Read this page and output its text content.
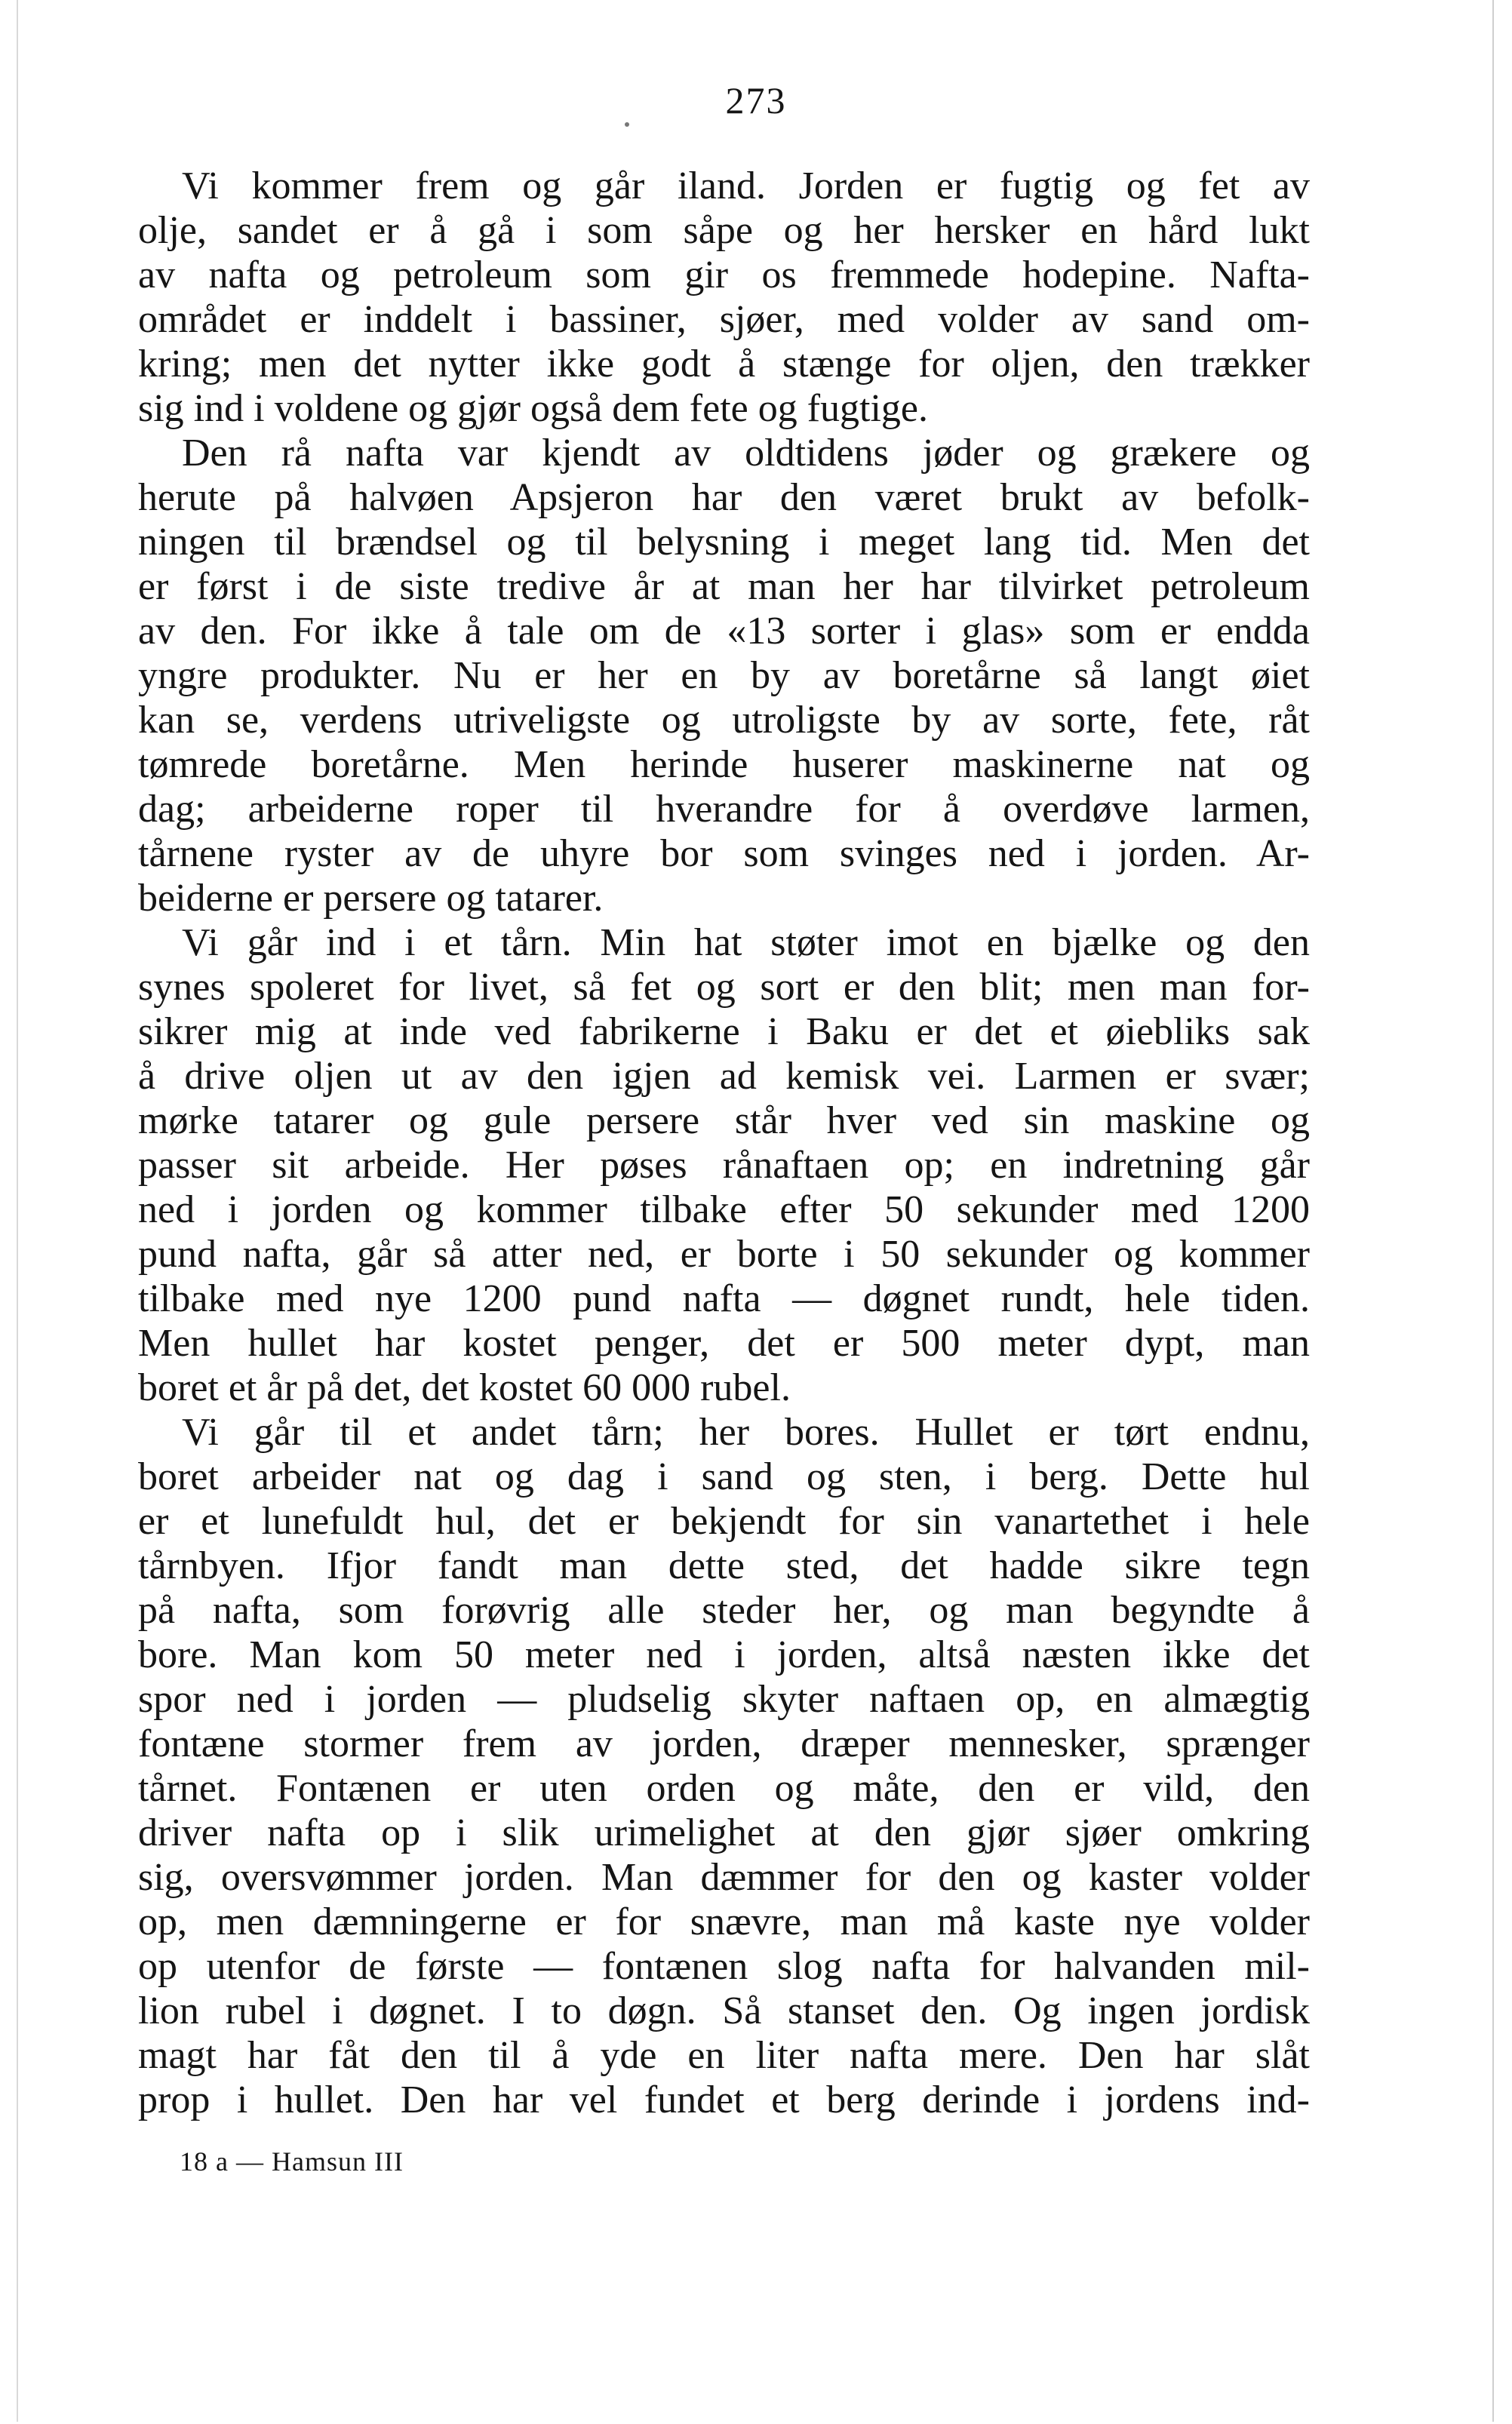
273
Vi kommer frem og går iland. Jorden er fugtig og fet av
olje, sandet er å gå i som såpe og her hersker en hård lukt
av nafta og petroleum som gir os fremmede hodepine. Nafta-
området er inddelt i bassiner, sjøer, med volder av sand om-
kring; men det nytter ikke godt å stænge for oljen, den trækker
sig ind i voldene og gjør også dem fete og fugtige.
Den rå nafta var kjendt av oldtidens jøder og grækere og
herute på halvøen Apsjeron har den været brukt av befolk-
ningen til brændsel og til belysning i meget lang tid. Men det
er først i de siste tredive år at man her har tilvirket petroleum
av den. For ikke å tale om de «13 sorter i glas» som er endda
yngre produkter. Nu er her en by av boretårne så langt øiet
kan se, verdens utriveligste og utroligste by av sorte, fete, råt
tømrede boretårne. Men herinde huserer maskinerne nat og
dag; arbeiderne roper til hverandre for å overdøve larmen,
tårnene ryster av de uhyre bor som svinges ned i jorden. Ar-
beiderne er persere og tatarer.
Vi går ind i et tårn. Min hat støter imot en bjælke og den
synes spoleret for livet, så fet og sort er den blit; men man for-
sikrer mig at inde ved fabrikerne i Baku er det et øiebliks sak
å drive oljen ut av den igjen ad kemisk vei. Larmen er svær;
mørke tatarer og gule persere står hver ved sin maskine og
passer sit arbeide. Her pøses rånaftaen op; en indretning går
ned i jorden og kommer tilbake efter 50 sekunder med 1200
pund nafta, går så atter ned, er borte i 50 sekunder og kommer
tilbake med nye 1200 pund nafta — døgnet rundt, hele tiden.
Men hullet har kostet penger, det er 500 meter dypt, man
boret et år på det, det kostet 60 000 rubel.
Vi går til et andet tårn; her bores. Hullet er tørt endnu,
boret arbeider nat og dag i sand og sten, i berg. Dette hul
er et lunefuldt hul, det er bekjendt for sin vanartethet i hele
tårnbyen. Ifjor fandt man dette sted, det hadde sikre tegn
på nafta, som forøvrig alle steder her, og man begyndte å
bore. Man kom 50 meter ned i jorden, altså næsten ikke det
spor ned i jorden — pludselig skyter naftaen op, en almægtig
fontæne stormer frem av jorden, dræper mennesker, sprænger
tårnet. Fontænen er uten orden og måte, den er vild, den
driver nafta op i slik urimelighet at den gjør sjøer omkring
sig, oversvømmer jorden. Man dæmmer for den og kaster volder
op, men dæmningerne er for snævre, man må kaste nye volder
op utenfor de første — fontænen slog nafta for halvanden mil-
lion rubel i døgnet. I to døgn. Så stanset den. Og ingen jordisk
magt har fåt den til å yde en liter nafta mere. Den har slåt
prop i hullet. Den har vel fundet et berg derinde i jordens ind-
18 a — Hamsun III
